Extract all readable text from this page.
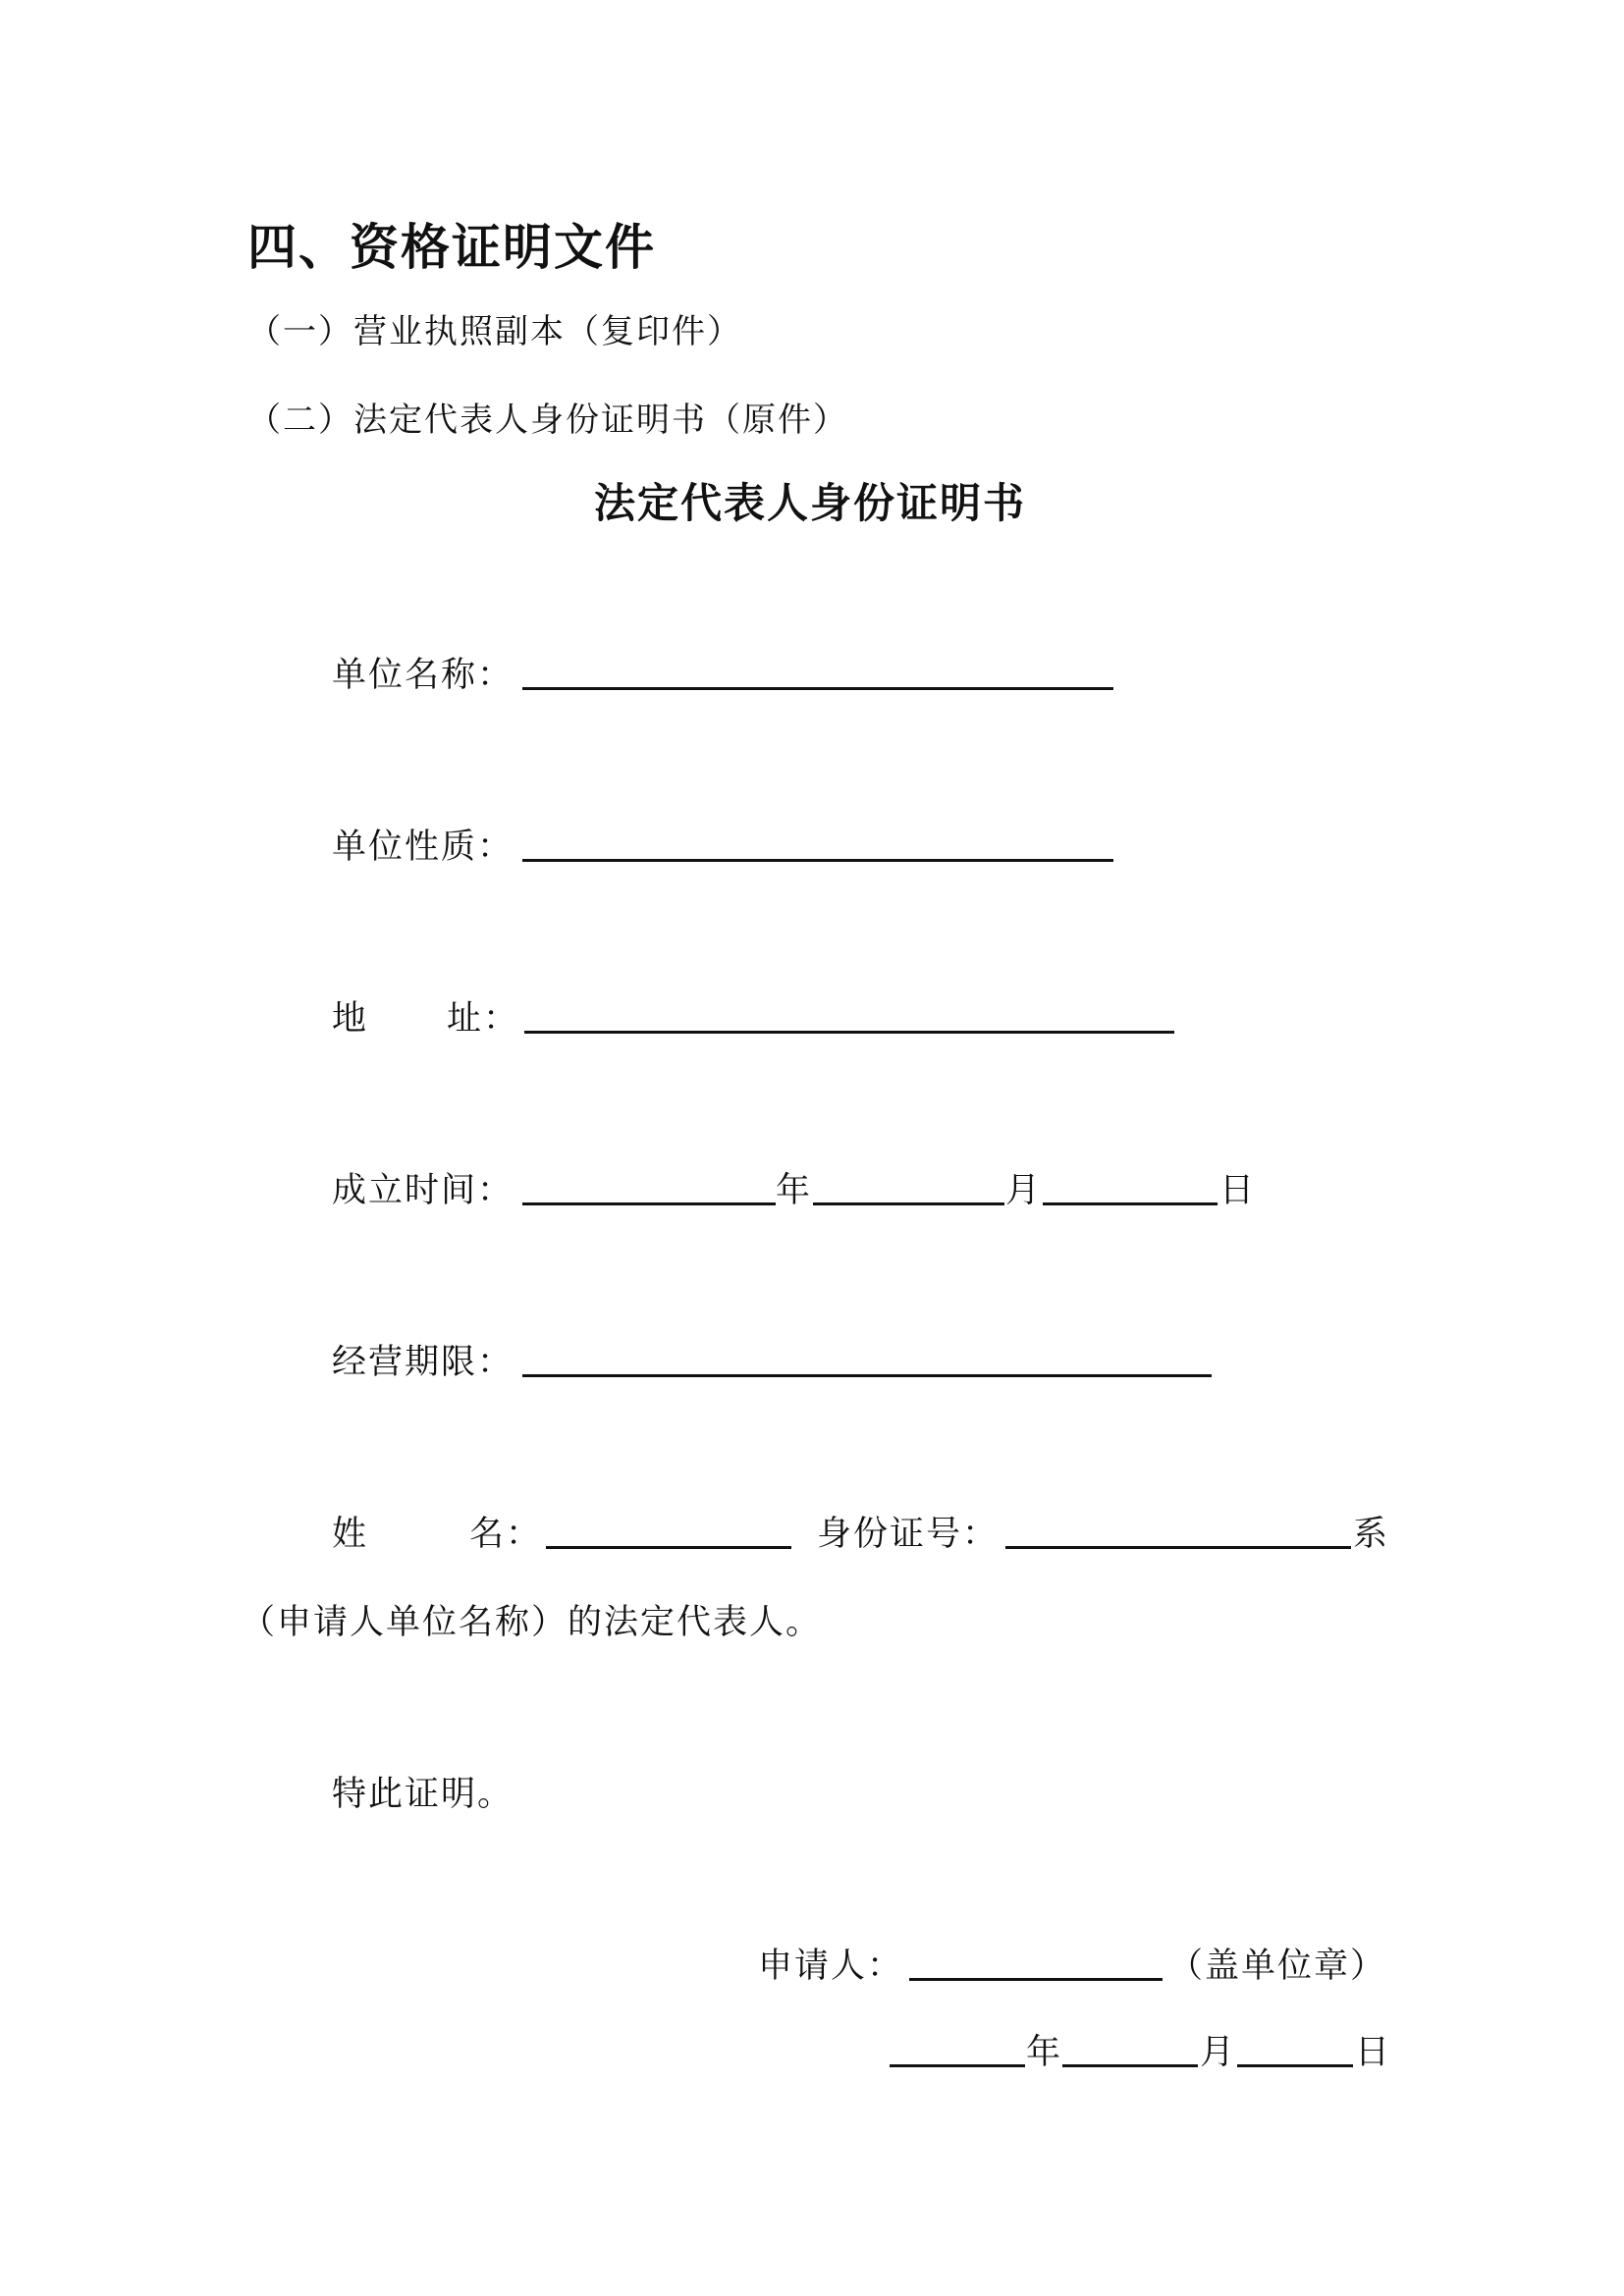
四、资格证明文件
（一）营业执照副本（复印件）
（二）法定代表人身份证明书（原件）
法定代表人身份证明书
单位名称：
单位性质：
地 址：
成立时间：	年	月	日
经营期限：
姓	名：	身份证号：	系
（申请人单位名称）的法定代表人。
特此证明。
申请人：	（盖单位章）
年	月	日
